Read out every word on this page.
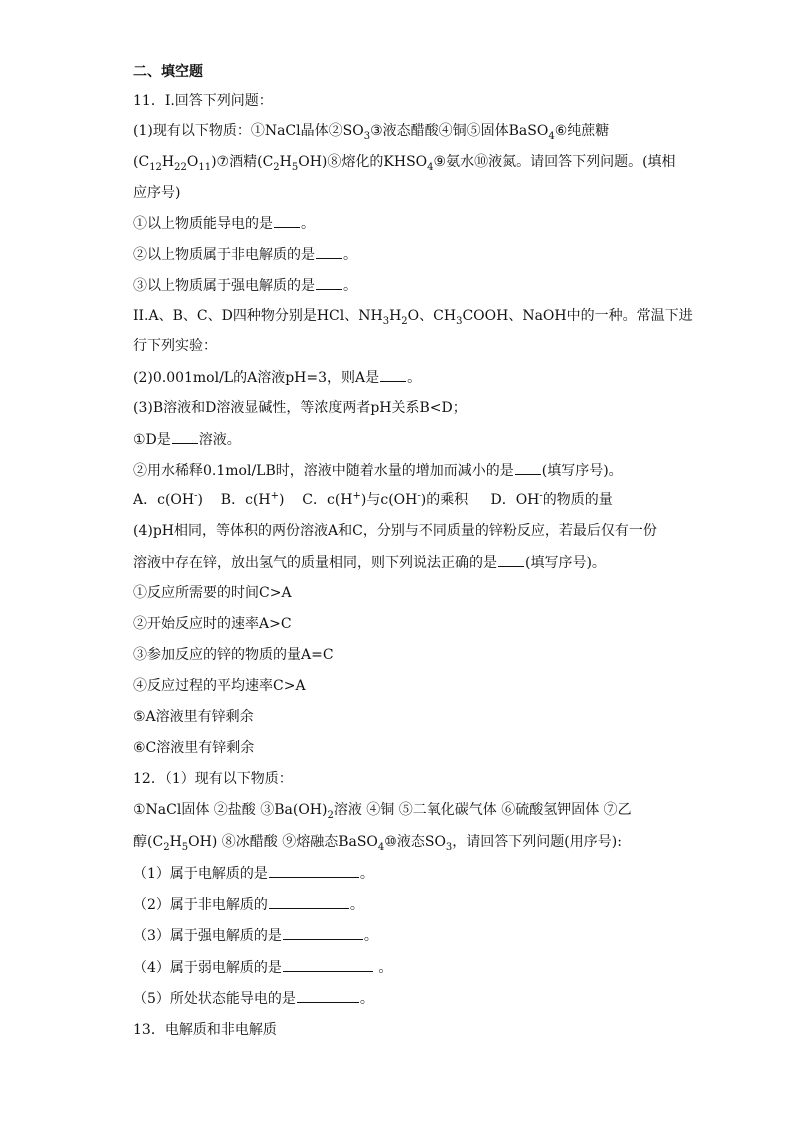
二、填空题
11．I.回答下列问题：
(1)现有以下物质：①NaCl晶体$②SO_3③$液态醋酸④铜⑤固体BaSO$_4$⑥纯蔗糖
$(C_{12}H_{22}O_{11})⑦$酒精$(C_2H_5OH)⑧$熔化的$KHSO_4⑨$氨水⑩液氮。请回答下列问题。(填相
应序号)
①以上物质能导电的是 。
②以上物质属于非电解质的是 。
③以上物质属于强电解质的是 。
II.A、B、C、D四种物分别是HCl、$NH_3H_2O$、$CH_3COOH$、NaOH中的一种。常温下进
行下列实验：
(2)0.001mol/L的A溶液pH=3，则A是 。
(3)B溶液和D溶液显碱性，等浓度两者pH关系B<D；
①D是 溶液。
②用水稀释0.1mol/LB时，溶液中随着水量的增加而减小的是 (填写序号)。
A．c(OH-) B．c(H+) C．c(H+)与c(OH-)的乘积 D．OH-的物质的量
(4)pH相同，等体积的两份溶液A和C，分别与不同质量的锌粉反应，若最后仅有一份
溶液中存在锌，放出氢气的质量相同，则下列说法正确的是 (填写序号)。
①反应所需要的时间C>A
②开始反应时的速率A>C
③参加反应的锌的物质的量A=C
④反应过程的平均速率C>A
⑤A溶液里有锌剩余
⑥C溶液里有锌剩余
12．（1）现有以下物质：
①NaCl固体 ②盐酸 $③Ba(OH)_2$溶液 ④铜 ⑤二氧化碳气体 ⑥硫酸氢钾固体 ⑦乙
醇$(C_2H_5OH)$ ⑧冰醋酸 ⑨熔融态BaSO$_4$⑩液态$SO_3$，请回答下列问题(用序号):
（1）属于电解质的是	。
（2）属于非电解质的	。
（3）属于强电解质的是	。
（4）属于弱电解质的是	。
（5）所处状态能导电的是	。
13．电解质和非电解质
